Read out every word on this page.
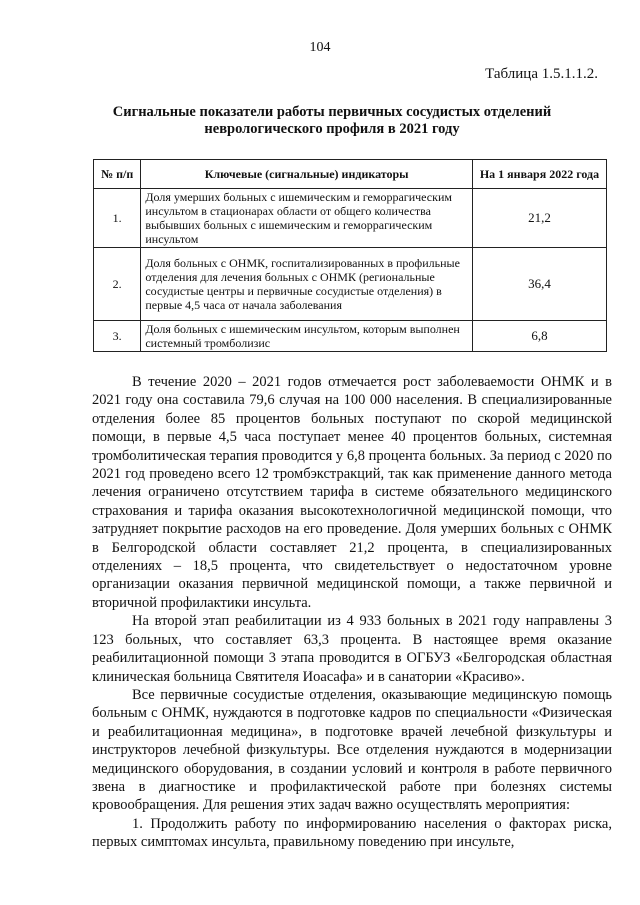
104
Таблица 1.5.1.1.2.
Сигнальные показатели работы первичных сосудистых отделений неврологического профиля в 2021 году
№ п/п	Ключевые (сигнальные) индикаторы	На 1 января 2022 года
1.	Доля умерших больных с ишемическим и геморрагическим инсультом в стационарах области от общего количества выбывших больных с ишемическим и геморрагическим инсультом	21,2
2.	Доля больных с ОНМК, госпитализированных в профильные отделения для лечения больных с ОНМК (региональные сосудистые центры и первичные сосудистые отделения) в первые 4,5 часа от начала заболевания	36,4
3.	Доля больных с ишемическим инсультом, которым выполнен системный тромболизис	6,8

В течение 2020 – 2021 годов отмечается рост заболеваемости ОНМК и в 2021 году она составила 79,6 случая на 100 000 населения. В специализированные отделения более 85 процентов больных поступают по скорой медицинской помощи, в первые 4,5 часа поступает менее 40 процентов больных, системная тромболитическая терапия проводится у 6,8 процента больных. За период с 2020 по 2021 год проведено всего 12 тромбэкстракций, так как применение данного метода лечения ограничено отсутствием тарифа в системе обязательного медицинского страхования и тарифа оказания высокотехнологичной медицинской помощи, что затрудняет покрытие расходов на его проведение. Доля умерших больных с ОНМК в Белгородской области составляет 21,2 процента, в специализированных отделениях – 18,5 процента, что свидетельствует о недостаточном уровне организации оказания первичной медицинской помощи, а также первичной и вторичной профилактики инсульта.

На второй этап реабилитации из 4 933 больных в 2021 году направлены 3 123 больных, что составляет 63,3 процента. В настоящее время оказание реабилитационной помощи 3 этапа проводится в ОГБУЗ «Белгородская областная клиническая больница Святителя Иоасафа» и в санатории «Красиво».

Все первичные сосудистые отделения, оказывающие медицинскую помощь больным с ОНМК, нуждаются в подготовке кадров по специальности «Физическая и реабилитационная медицина», в подготовке врачей лечебной физкультуры и инструкторов лечебной физкультуры. Все отделения нуждаются в модернизации медицинского оборудования, в создании условий и контроля в работе первичного звена в диагностике и профилактической работе при болезнях системы кровообращения. Для решения этих задач важно осуществлять мероприятия:

1. Продолжить работу по информированию населения о факторах риска, первых симптомах инсульта, правильному поведению при инсульте,
